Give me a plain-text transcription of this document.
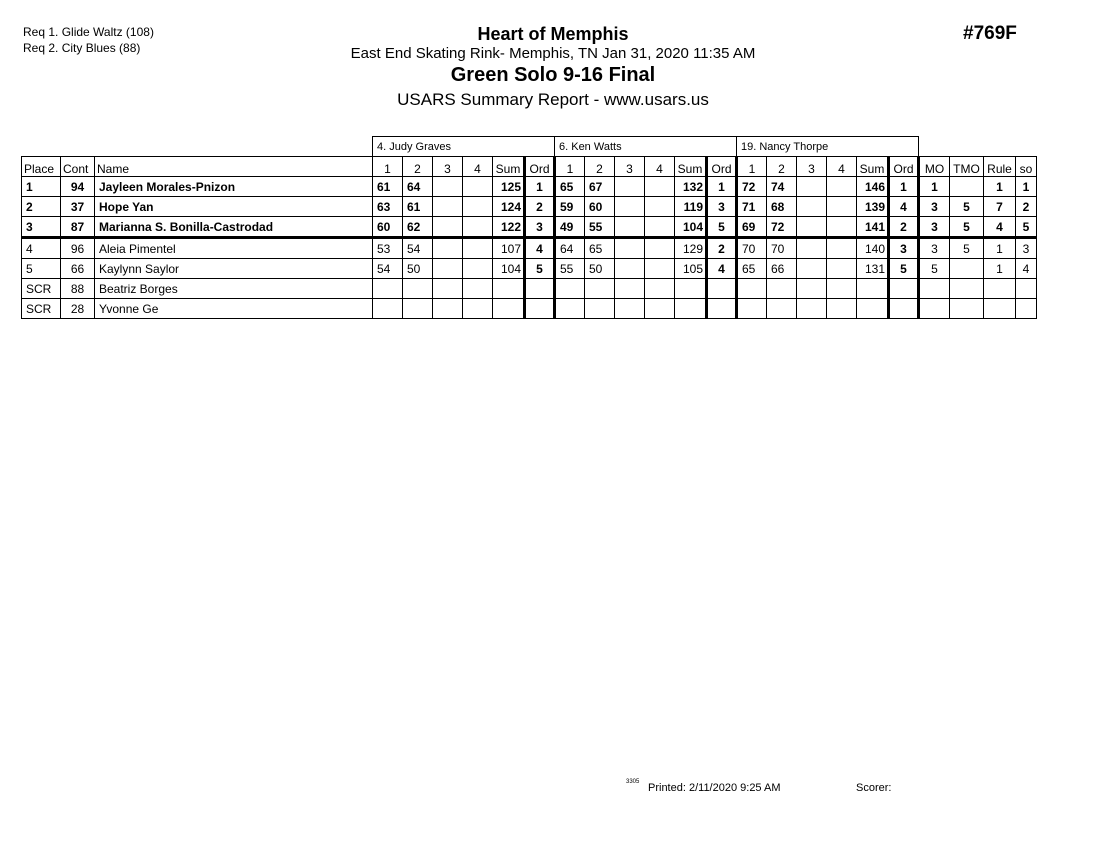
Req 1. Glide Waltz (108)
Req 2. City Blues (88)
Heart of Memphis
East End Skating Rink- Memphis, TN Jan 31, 2020 11:35 AM
Green Solo 9-16 Final
USARS Summary Report - www.usars.us
#769F
			4. Judy Graves						6. Ken Watts						19. Nancy Thorpe									
Place	Cont	Name	1	2	3	4	Sum	Ord	1	2	3	4	Sum	Ord	1	2	3	4	Sum	Ord	MO	TMO	Rule	so
1	94	Jayleen Morales-Pnizon	61	64			125	1	65	67			132	1	72	74			146	1	1		1	1
2	37	Hope Yan	63	61			124	2	59	60			119	3	71	68			139	4	3	5	7	2
3	87	Marianna S. Bonilla-Castrodad	60	62			122	3	49	55			104	5	69	72			141	2	3	5	4	5
4	96	Aleia Pimentel	53	54			107	4	64	65			129	2	70	70			140	3	3	5	1	3
5	66	Kaylynn Saylor	54	50			104	5	55	50			105	4	65	66			131	5	5		1	4
SCR	88	Beatriz Borges																						
SCR	28	Yvonne Ge																						
3305 Printed: 2/11/2020 9:25 AM	Scorer:
